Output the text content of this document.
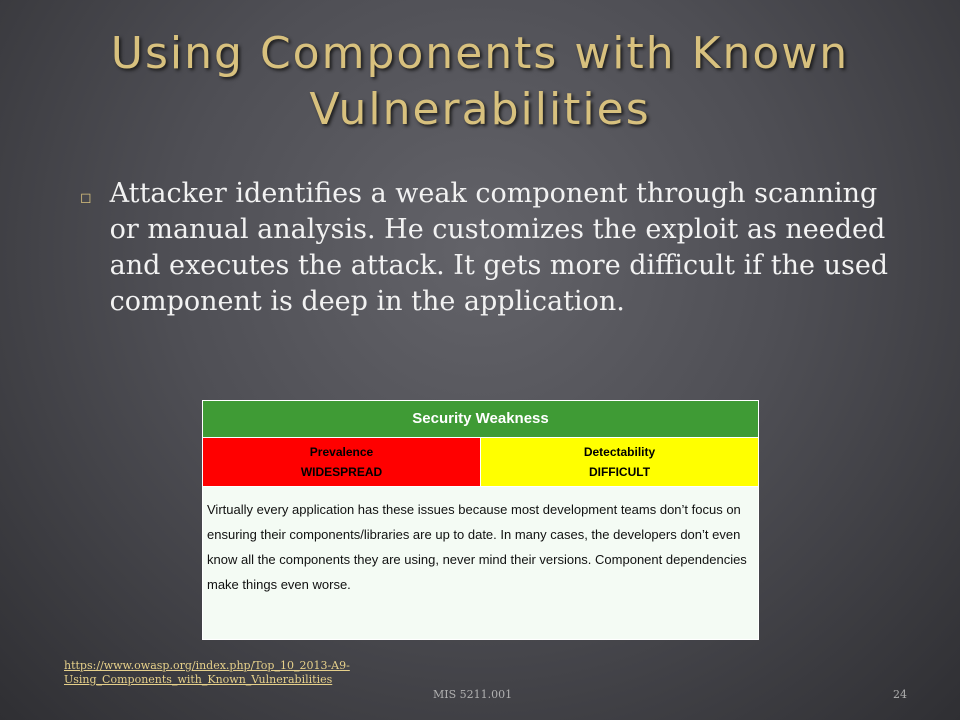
Using Components with Known Vulnerabilities
◻ Attacker identifies a weak component through scanning or manual analysis. He customizes the exploit as needed and executes the attack. It gets more difficult if the used component is deep in the application.
Security Weakness
Prevalence
WIDESPREAD
Detectability
DIFFICULT
Virtually every application has these issues because most development teams don’t focus on ensuring their components/libraries are up to date. In many cases, the developers don’t even know all the components they are using, never mind their versions. Component dependencies make things even worse.
https://www.owasp.org/index.php/Top_10_2013-A9-Using_Components_with_Known_Vulnerabilities
MIS 5211.001	24
